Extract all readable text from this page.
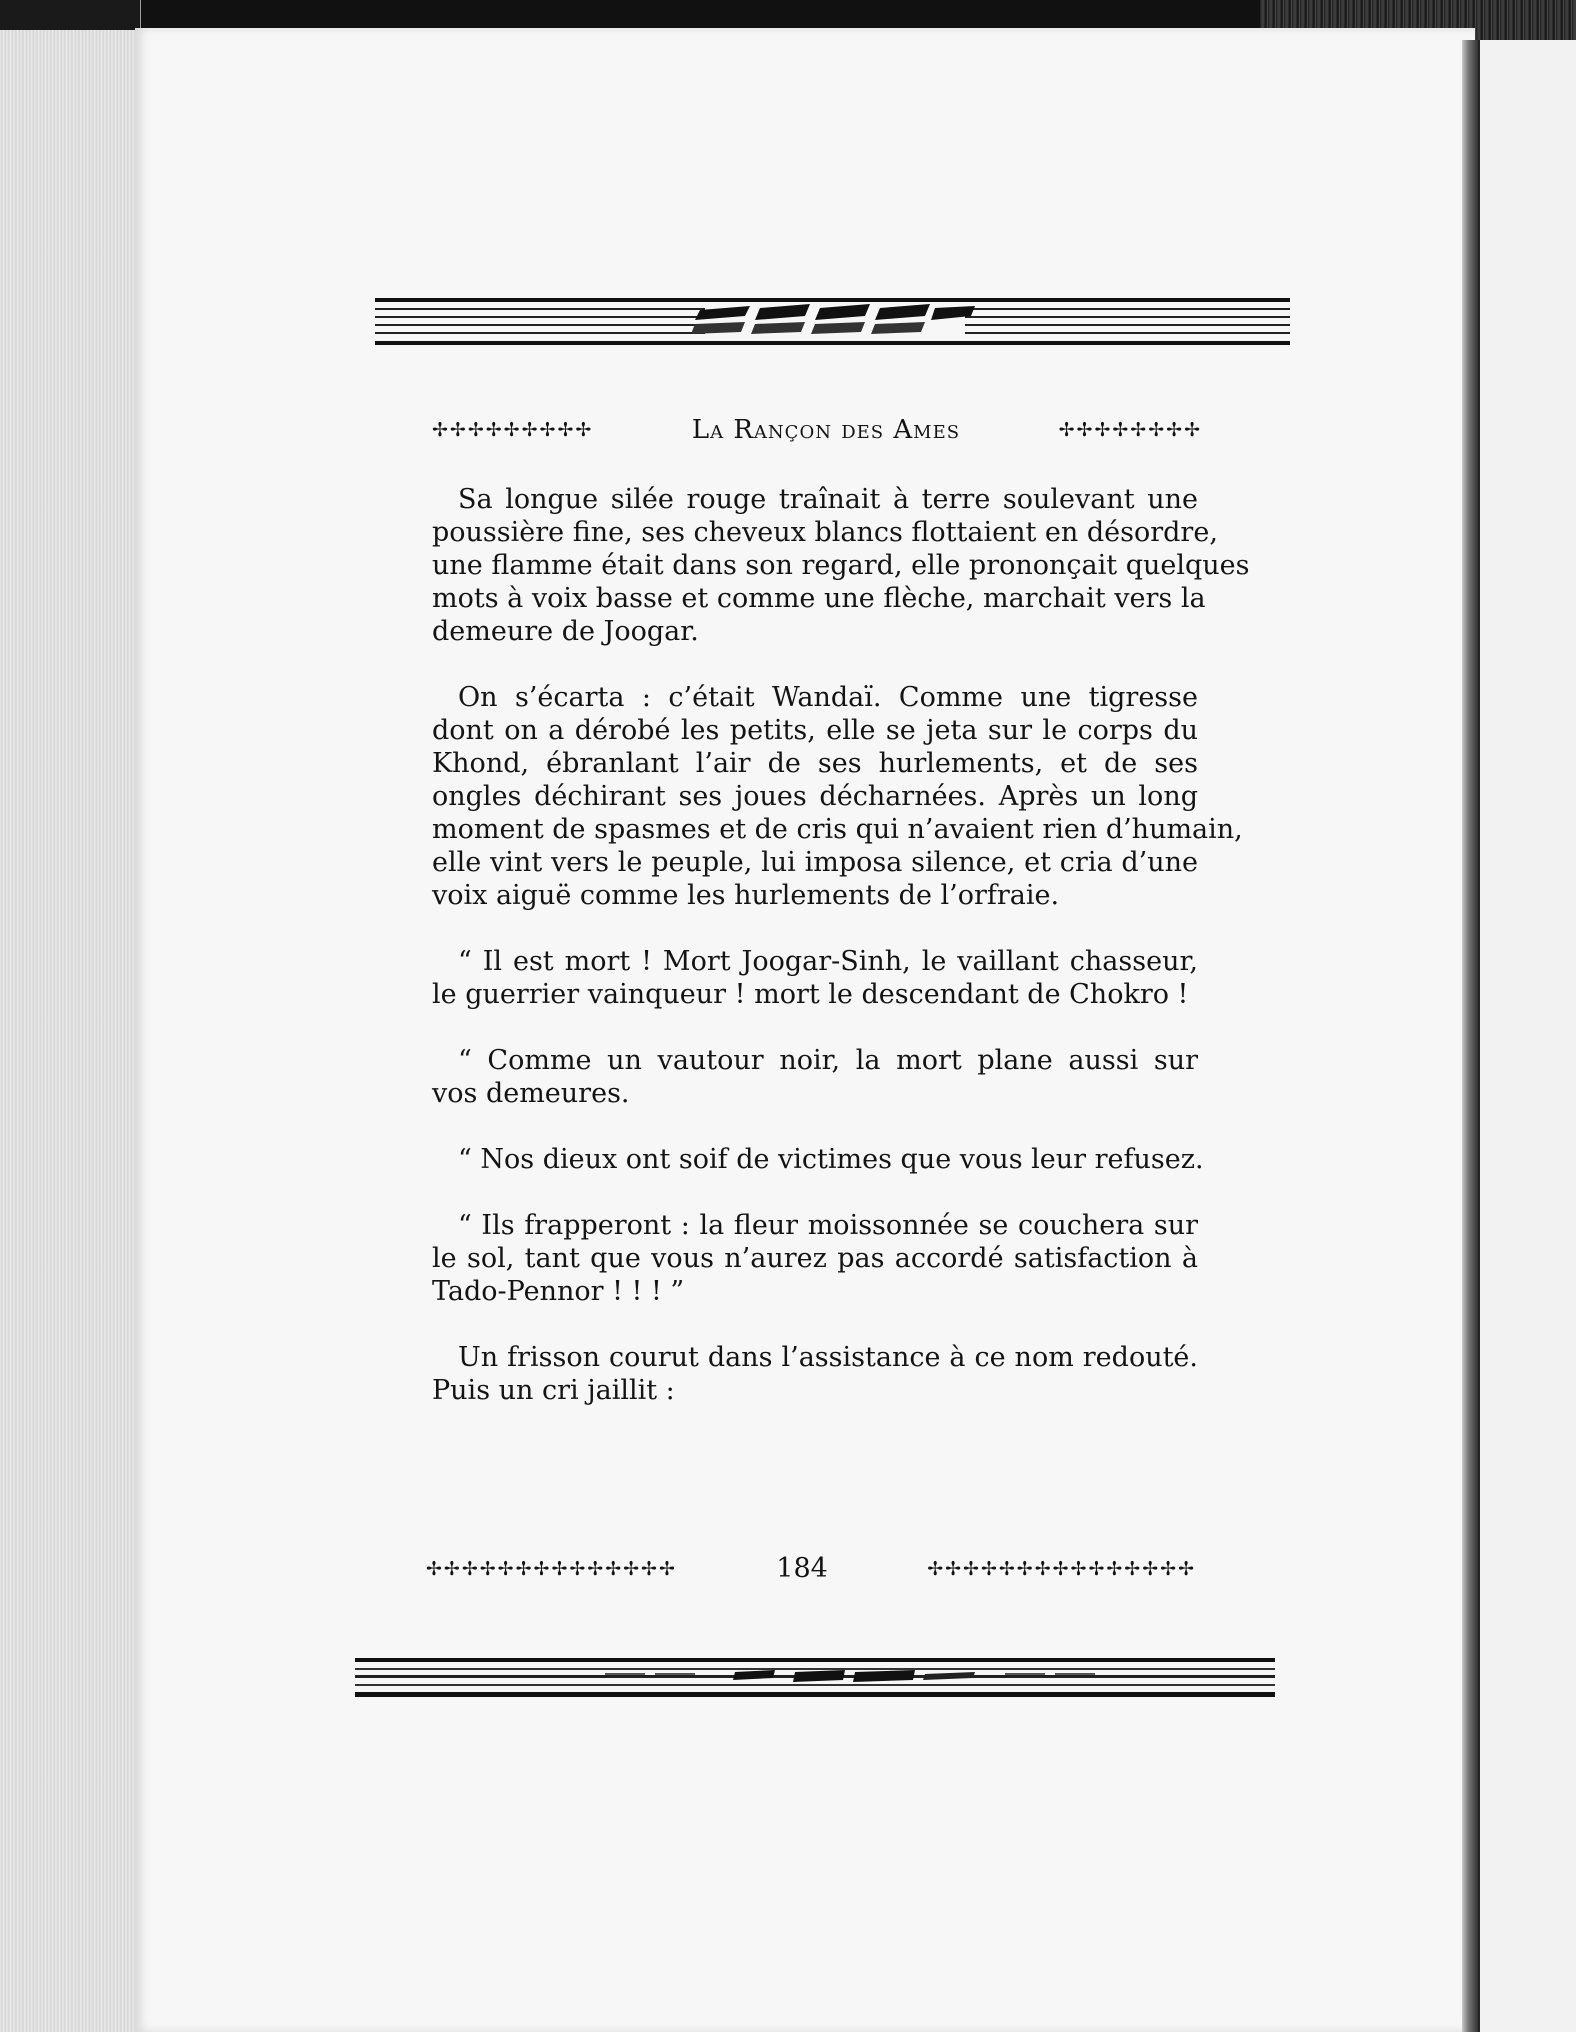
✢✢✢✢✢✢✢✢✢	La Rançon des Ames	✢✢✢✢✢✢✢✢
Sa longue silée rouge traînait à terre soulevant une
poussière fine, ses cheveux blancs flottaient en désordre,
une flamme était dans son regard, elle prononçait quelques
mots à voix basse et comme une flèche, marchait vers la
demeure de Joogar.
On s’écarta : c’était Wandaï. Comme une tigresse
dont on a dérobé les petits, elle se jeta sur le corps du
Khond, ébranlant l’air de ses hurlements, et de ses
ongles déchirant ses joues décharnées. Après un long
moment de spasmes et de cris qui n’avaient rien d’humain,
elle vint vers le peuple, lui imposa silence, et cria d’une
voix aiguë comme les hurlements de l’orfraie.
“ Il est mort ! Mort Joogar-Sinh, le vaillant chasseur,
le guerrier vainqueur ! mort le descendant de Chokro !
“ Comme un vautour noir, la mort plane aussi sur
vos demeures.
“ Nos dieux ont soif de victimes que vous leur refusez.
“ Ils frapperont : la fleur moissonnée se couchera sur
le sol, tant que vous n’aurez pas accordé satisfaction à
Tado-Pennor ! ! ! ”
Un frisson courut dans l’assistance à ce nom redouté.
Puis un cri jaillit :
✢✢✢✢✢✢✢✢✢✢✢✢✢✢	184	✢✢✢✢✢✢✢✢✢✢✢✢✢✢✢
